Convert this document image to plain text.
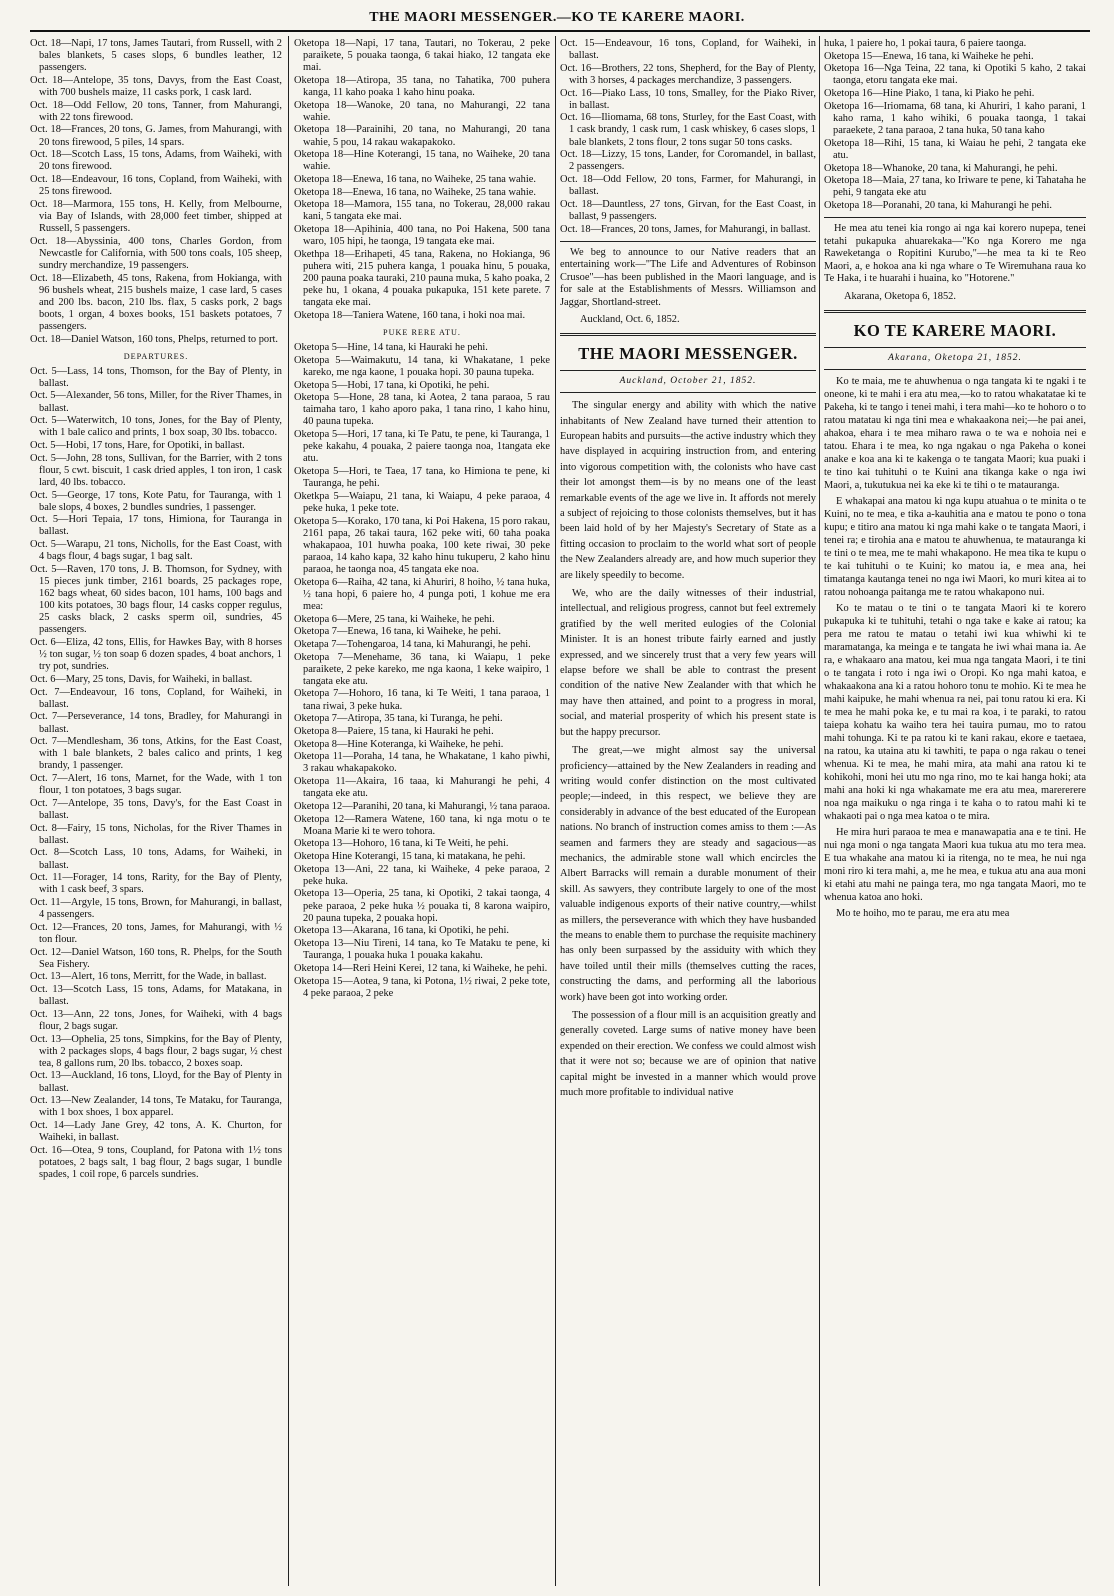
THE MAORI MESSENGER.—KO TE KARERE MAORI.

Oct. 18—Napi, 17 tons, James Tautari, from Russell, with 2 bales blankets, 5 cases slops, 6 bundles leather, 12 passengers.

Oct. 18—Antelope, 35 tons, Davys, from the East Coast, with 700 bushels maize, 11 casks pork, 1 cask lard.

Oct. 18—Odd Fellow, 20 tons, Tanner, from Mahurangi, with 22 tons firewood.

Oct. 18—Frances, 20 tons, G. James, from Mahurangi, with 20 tons firewood, 5 piles, 14 spars.

Oct. 18—Scotch Lass, 15 tons, Adams, from Waiheki, with 20 tons firewood.

Oct. 18—Endeavour, 16 tons, Copland, from Waiheki, with 25 tons firewood.

Oct. 18—Marmora, 155 tons, H. Kelly, from Melbourne, via Bay of Islands, with 28,000 feet timber, shipped at Russell, 5 passengers.

Oct. 18—Abyssinia, 400 tons, Charles Gordon, from Newcastle for California, with 500 tons coals, 105 sheep, sundry merchandize, 19 passengers.

Oct. 18—Elizabeth, 45 tons, Rakena, from Hokianga, with 96 bushels wheat, 215 bushels maize, 1 case lard, 5 cases and 200 lbs. bacon, 210 lbs. flax, 5 casks pork, 2 bags boots, 1 organ, 4 boxes books, 151 baskets potatoes, 7 passengers.

Oct. 18—Daniel Watson, 160 tons, Phelps, returned to port.

DEPARTURES.

Oct. 5—Lass, 14 tons, Thomson, for the Bay of Plenty, in ballast.

Oct. 5—Alexander, 56 tons, Miller, for the River Thames, in ballast.

Oct. 5—Waterwitch, 10 tons, Jones, for the Bay of Plenty, with 1 bale calico and prints, 1 box soap, 30 lbs. tobacco.

Oct. 5—Hobi, 17 tons, Hare, for Opotiki, in ballast.

Oct. 5—John, 28 tons, Sullivan, for the Barrier, with 2 tons flour, 5 cwt. biscuit, 1 cask dried apples, 1 ton iron, 1 cask lard, 40 lbs. tobacco.

Oct. 5—George, 17 tons, Kote Patu, for Tauranga, with 1 bale slops, 4 boxes, 2 bundles sundries, 1 passenger.

Oct. 5—Hori Tepaia, 17 tons, Himiona, for Tauranga in ballast.

Oct. 5—Warapu, 21 tons, Nicholls, for the East Coast, with 4 bags flour, 4 bags sugar, 1 bag salt.

Oct. 5—Raven, 170 tons, J. B. Thomson, for Sydney, with 15 pieces junk timber, 2161 boards, 25 packages rope, 162 bags wheat, 60 sides bacon, 101 hams, 100 bags and 100 kits potatoes, 30 bags flour, 14 casks copper regulus, 25 casks black, 2 casks sperm oil, sundries, 45 passengers.

Oct. 6—Eliza, 42 tons, Ellis, for Hawkes Bay, with 8 horses ½ ton sugar, ½ ton soap 6 dozen spades, 4 boat anchors, 1 try pot, sundries.

Oct. 6—Mary, 25 tons, Davis, for Waiheki, in ballast.

Oct. 7—Endeavour, 16 tons, Copland, for Waiheki, in ballast.

Oct. 7—Perseverance, 14 tons, Bradley, for Mahurangi in ballast.

Oct. 7—Mendlesham, 36 tons, Atkins, for the East Coast, with 1 bale blankets, 2 bales calico and prints, 1 keg brandy, 1 passenger.

Oct. 7—Alert, 16 tons, Marnet, for the Wade, with 1 ton flour, 1 ton potatoes, 3 bags sugar.

Oct. 7—Antelope, 35 tons, Davy's, for the East Coast in ballast.

Oct. 8—Fairy, 15 tons, Nicholas, for the River Thames in ballast.

Oct. 8—Scotch Lass, 10 tons, Adams, for Waiheki, in ballast.

Oct. 11—Forager, 14 tons, Rarity, for the Bay of Plenty, with 1 cask beef, 3 spars.

Oct. 11—Argyle, 15 tons, Brown, for Mahurangi, in ballast, 4 passengers.

Oct. 12—Frances, 20 tons, James, for Mahurangi, with ½ ton flour.

Oct. 12—Daniel Watson, 160 tons, R. Phelps, for the South Sea Fishery.

Oct. 13—Alert, 16 tons, Merritt, for the Wade, in ballast.

Oct. 13—Scotch Lass, 15 tons, Adams, for Matakana, in ballast.

Oct. 13—Ann, 22 tons, Jones, for Waiheki, with 4 bags flour, 2 bags sugar.

Oct. 13—Ophelia, 25 tons, Simpkins, for the Bay of Plenty, with 2 packages slops, 4 bags flour, 2 bags sugar, ½ chest tea, 8 gallons rum, 20 lbs. tobacco, 2 boxes soap.

Oct. 13—Auckland, 16 tons, Lloyd, for the Bay of Plenty in ballast.

Oct. 13—New Zealander, 14 tons, Te Mataku, for Tauranga, with 1 box shoes, 1 box apparel.

Oct. 14—Lady Jane Grey, 42 tons, A. K. Churton, for Waiheki, in ballast.

Oct. 16—Otea, 9 tons, Coupland, for Patona with 1½ tons potatoes, 2 bags salt, 1 bag flour, 2 bags sugar, 1 bundle spades, 1 coil rope, 6 parcels sundries.

Oketopa 18—Napi, 17 tana, Tautari, no Tokerau, 2 peke paraikete, 5 pouaka taonga, 6 takai hiako, 12 tangata eke mai.

Oketopa 18—Atiropa, 35 tana, no Tahatika, 700 puhera kanga, 11 kaho poaka 1 kaho hinu poaka.

Oketopa 18—Wanoke, 20 tana, no Mahurangi, 22 tana wahie.

Oketopa 18—Parainihi, 20 tana, no Mahurangi, 20 tana wahie, 5 pou, 14 rakau wakapakoko.

Oketopa 18—Hine Koterangi, 15 tana, no Waiheke, 20 tana wahie.

Oketopa 18—Enewa, 16 tana, no Waiheke, 25 tana wahie.

Oketopa 18—Enewa, 16 tana, no Waiheke, 25 tana wahie.

Oketopa 18—Mamora, 155 tana, no Tokerau, 28,000 rakau kani, 5 tangata eke mai.

Oketopa 18—Apihinia, 400 tana, no Poi Hakena, 500 tana waro, 105 hipi, he taonga, 19 tangata eke mai.

Okethpa 18—Erihapeti, 45 tana, Rakena, no Hokianga, 96 puhera witi, 215 puhera kanga, 1 pouaka hinu, 5 pouaka, 200 pauna poaka tauraki, 210 pauna muka, 5 kaho poaka, 2 peke hu, 1 okana, 4 pouaka pukapuka, 151 kete parete. 7 tangata eke mai.

Oketopa 18—Taniera Watene, 160 tana, i hoki noa mai.

PUKE RERE ATU.

Oketopa 5—Hine, 14 tana, ki Hauraki he pehi.

Oketopa 5—Waimakutu, 14 tana, ki Whakatane, 1 peke kareko, me nga kaone, 1 pouaka hopi. 30 pauna tupeka.

Oketopa 5—Hobi, 17 tana, ki Opotiki, he pehi.

Oketopa 5—Hone, 28 tana, ki Aotea, 2 tana paraoa, 5 rau taimaha taro, 1 kaho aporo paka, 1 tana rino, 1 kaho hinu, 40 pauna tupeka.

Oketopa 5—Hori, 17 tana, ki Te Patu, te pene, ki Tauranga, 1 peke kakahu, 4 pouaka, 2 paiere taonga noa, 1tangata eke atu.

Oketopa 5—Hori, te Taea, 17 tana, ko Himiona te pene, ki Tauranga, he pehi.

Oketkpa 5—Waiapu, 21 tana, ki Waiapu, 4 peke paraoa, 4 peke huka, 1 peke tote.

Oketopa 5—Korako, 170 tana, ki Poi Hakena, 15 poro rakau, 2161 papa, 26 takai taura, 162 peke witi, 60 taha poaka whakapaoa, 101 huwha poaka, 100 kete riwai, 30 peke paraoa, 14 kaho kapa, 32 kaho hinu tukuperu, 2 kaho hinu paraoa, he taonga noa, 45 tangata eke noa.

Oketopa 6—Raiha, 42 tana, ki Ahuriri, 8 hoiho, ½ tana huka, ½ tana hopi, 6 paiere ho, 4 punga poti, 1 kohue me era mea:

Oketopa 6—Mere, 25 tana, ki Waiheke, he pehi.

Oketopa 7—Enewa, 16 tana, ki Waiheke, he pehi.

Oketapa 7—Tohengaroa, 14 tana, ki Mahurangi, he pehi.

Oketopa 7—Menehame, 36 tana, ki Waiapu, 1 peke paraikete, 2 peke kareko, me nga kaona, 1 keke waipiro, 1 tangata eke atu.

Oketopa 7—Hohoro, 16 tana, ki Te Weiti, 1 tana paraoa, 1 tana riwai, 3 peke huka.

Oketopa 7—Atiropa, 35 tana, ki Turanga, he pehi.

Oketopa 8—Paiere, 15 tana, ki Hauraki he pehi.

Oketopa 8—Hine Koteranga, ki Waiheke, he pehi.

Oketopa 11—Poraha, 14 tana, he Whakatane, 1 kaho piwhi, 3 rakau whakapakoko.

Oketopa 11—Akaira, 16 taaa, ki Mahurangi he pehi, 4 tangata eke atu.

Oketopa 12—Paranihi, 20 tana, ki Mahurangi, ½ tana paraoa.

Oketopa 12—Ramera Watene, 160 tana, ki nga motu o te Moana Marie ki te wero tohora.

Oketopa 13—Hohoro, 16 tana, ki Te Weiti, he pehi.

Oketopa Hine Koterangi, 15 tana, ki matakana, he pehi.

Oketopa 13—Ani, 22 tana, ki Waiheke, 4 peke paraoa, 2 peke huka.

Oketopa 13—Operia, 25 tana, ki Opotiki, 2 takai taonga, 4 peke paraoa, 2 peke huka ½ pouaka ti, 8 karona waipiro, 20 pauna tupeka, 2 pouaka hopi.

Oketopa 13—Akarana, 16 tana, ki Opotiki, he pehi.

Oketopa 13—Niu Tireni, 14 tana, ko Te Mataku te pene, ki Tauranga, 1 pouaka huka 1 pouaka kakahu.

Oketopa 14—Reri Heini Kerei, 12 tana, ki Waiheke, he pehi.

Oketopa 15—Aotea, 9 tana, ki Potona, 1½ riwai, 2 peke tote, 4 peke paraoa, 2 peke

Oct. 15—Endeavour, 16 tons, Copland, for Waiheki, in ballast.

Oct. 16—Brothers, 22 tons, Shepherd, for the Bay of Plenty, with 3 horses, 4 packages merchandize, 3 passengers.

Oct. 16—Piako Lass, 10 tons, Smalley, for the Piako River, in ballast.

Oct. 16—Iliomama, 68 tons, Sturley, for the East Coast, with 1 cask brandy, 1 cask rum, 1 cask whiskey, 6 cases slops, 1 bale blankets, 2 tons flour, 2 tons sugar 50 tons casks.

Oct. 18—Lizzy, 15 tons, Lander, for Coromandel, in ballast, 2 passengers.

Oct. 18—Odd Fellow, 20 tons, Farmer, for Mahurangi, in ballast.

Oct. 18—Dauntless, 27 tons, Girvan, for the East Coast, in ballast, 9 passengers.

Oct. 18—Frances, 20 tons, James, for Mahurangi, in ballast.

We beg to announce to our Native readers that an entertaining work—"The Life and Adventures of Robinson Crusoe"—has been published in the Maori language, and is for sale at the Establishments of Messrs. Williamson and Jaggar, Shortland-street.

Auckland, Oct. 6, 1852.
THE MAORI MESSENGER.
Auckland, October 21, 1852.

The singular energy and ability with which the native inhabitants of New Zealand have turned their attention to European habits and pursuits—the active industry which they have displayed in acquiring instruction from, and entering into vigorous competition with, the colonists who have cast their lot amongst them—is by no means one of the least remarkable events of the age we live in. It affords not merely a subject of rejoicing to those colonists themselves, but it has been laid hold of by her Majesty's Secretary of State as a fitting occasion to proclaim to the world what sort of people the New Zealanders already are, and how much superior they are likely speedily to become.

We, who are the daily witnesses of their industrial, intellectual, and religious progress, cannot but feel extremely gratified by the well merited eulogies of the Colonial Minister. It is an honest tribute fairly earned and justly expressed, and we sincerely trust that a very few years will elapse before we shall be able to contrast the present condition of the native New Zealander with that which he may have then attained, and point to a progress in moral, social, and material prosperity of which his present state is but the happy precursor.

The great,—we might almost say the universal proficiency—attained by the New Zealanders in reading and writing would confer distinction on the most cultivated people;—indeed, in this respect, we believe they are considerably in advance of the best educated of the European nations. No branch of instruction comes amiss to them :—As seamen and farmers they are steady and sagacious—as mechanics, the admirable stone wall which encircles the Albert Barracks will remain a durable monument of their skill. As sawyers, they contribute largely to one of the most valuable indigenous exports of their native country,—whilst as millers, the perseverance with which they have husbanded the means to enable them to purchase the requisite machinery has only been surpassed by the assiduity with which they have toiled until their mills (themselves cutting the races, constructing the dams, and performing all the laborious work) have been got into working order.

The possession of a flour mill is an acquisition greatly and generally coveted. Large sums of native money have been expended on their erection. We confess we could almost wish that it were not so; because we are of opinion that native capital might be invested in a manner which would prove much more profitable to individual native

huka, 1 paiere ho, 1 pokai taura, 6 paiere taonga.

Oketopa 15—Enewa, 16 tana, ki Waiheke he pehi.

Oketopa 16—Nga Teina, 22 tana, ki Opotiki 5 kaho, 2 takai taonga, etoru tangata eke mai.

Oketopa 16—Hine Piako, 1 tana, ki Piako he pehi.

Oketopa 16—Iriomama, 68 tana, ki Ahuriri, 1 kaho parani, 1 kaho rama, 1 kaho wihiki, 6 pouaka taonga, 1 takai paraekete, 2 tana paraoa, 2 tana huka, 50 tana kaho

Oketopa 18—Rihi, 15 tana, ki Waiau he pehi, 2 tangata eke atu.

Oketopa 18—Whanoke, 20 tana, ki Mahurangi, he pehi.

Oketopa 18—Maia, 27 tana, ko Iriware te pene, ki Tahataha he pehi, 9 tangata eke atu

Oketopa 18—Poranahi, 20 tana, ki Mahurangi he pehi.

He mea atu tenei kia rongo ai nga kai korero nupepa, tenei tetahi pukapuka ahuarekaka—"Ko nga Korero me nga Raweketanga o Ropitini Kurubo,"—he mea ta ki te Reo Maori, a, e hokoa ana ki nga whare o Te Wiremuhana raua ko Te Haka, i te huarahi i huaina, ko "Hotorene."

Akarana, Oketopa 6, 1852.
KO TE KARERE MAORI.
Akarana, Oketopa 21, 1852.

Ko te maia, me te ahuwhenua o nga tangata ki te ngaki i te oneone, ki te mahi i era atu mea,—ko to ratou whakatatae ki te Pakeha, ki te tango i tenei mahi, i tera mahi—ko te hohoro o to ratou matatau ki nga tini mea e whakaakona nei;—he pai anei, ahakoa, ehara i te mea miharo rawa o te wa e nohoia nei e tatou. Ehara i te mea, ko nga ngakau o nga Pakeha o konei anake e koa ana ki te kakenga o te tangata Maori; kua puaki i te tino kai tuhituhi o te Kuini ana tikanga kake o nga iwi Maori, a, tukutukua nei ka eke ki te tihi o te matauranga.

E whakapai ana matou ki nga kupu atuahua o te minita o te Kuini, no te mea, e tika a-kauhitia ana e matou te pono o tona kupu; e titiro ana matou ki nga mahi kake o te tangata Maori, i tenei ra; e tirohia ana e matou te ahuwhenua, te matauranga ki te tini o te mea, me te mahi whakapono. He mea tika te kupu o te kai tuhituhi o te Kuini; ko matou ia, e mea ana, hei timatanga kautanga tenei no nga iwi Maori, ko muri kitea ai to ratou nohoanga paitanga me te ratou whakapono nui.

Ko te matau o te tini o te tangata Maori ki te korero pukapuka ki te tuhituhi, tetahi o nga take e kake ai ratou; ka pera me ratou te matau o tetahi iwi kua whiwhi ki te maramatanga, ka meinga e te tangata he iwi whai mana ia. Ae ra, e whakaaro ana matou, kei mua nga tangata Maori, i te tini o te tangata i roto i nga iwi o Oropi. Ko nga mahi katoa, e whakaakona ana ki a ratou hohoro tonu te mohio. Ki te mea he mahi kaipuke, he mahi whenua ra nei, pai tonu ratou ki era. Ki te mea he mahi poka ke, e tu mai ra koa, i te paraki, to ratou taiepa kohatu ka waiho tera hei tauira pumau, mo to ratou mahi tohunga. Ki te pa ratou ki te kani rakau, ekore e taetaea, na ratou, ka utaina atu ki tawhiti, te papa o nga rakau o tenei whenua. Ki te mea, he mahi mira, ata mahi ana ratou ki te kohikohi, moni hei utu mo nga rino, mo te kai hanga hoki; ata mahi ana hoki ki nga whakamate me era atu mea, marererere noa nga maikuku o nga ringa i te kaha o to ratou mahi ki te whakaoti pai o nga mea katoa o te mira.

He mira huri paraoa te mea e manawapatia ana e te tini. He nui nga moni o nga tangata Maori kua tukua atu mo tera mea. E tua whakahe ana matou ki ia ritenga, no te mea, he nui nga moni riro ki tera mahi, a, me he mea, e tukua atu ana aua moni ki etahi atu mahi ne painga tera, mo nga tangata Maori, mo te whenua katoa ano hoki.

Mo te hoiho, mo te parau, me era atu mea
